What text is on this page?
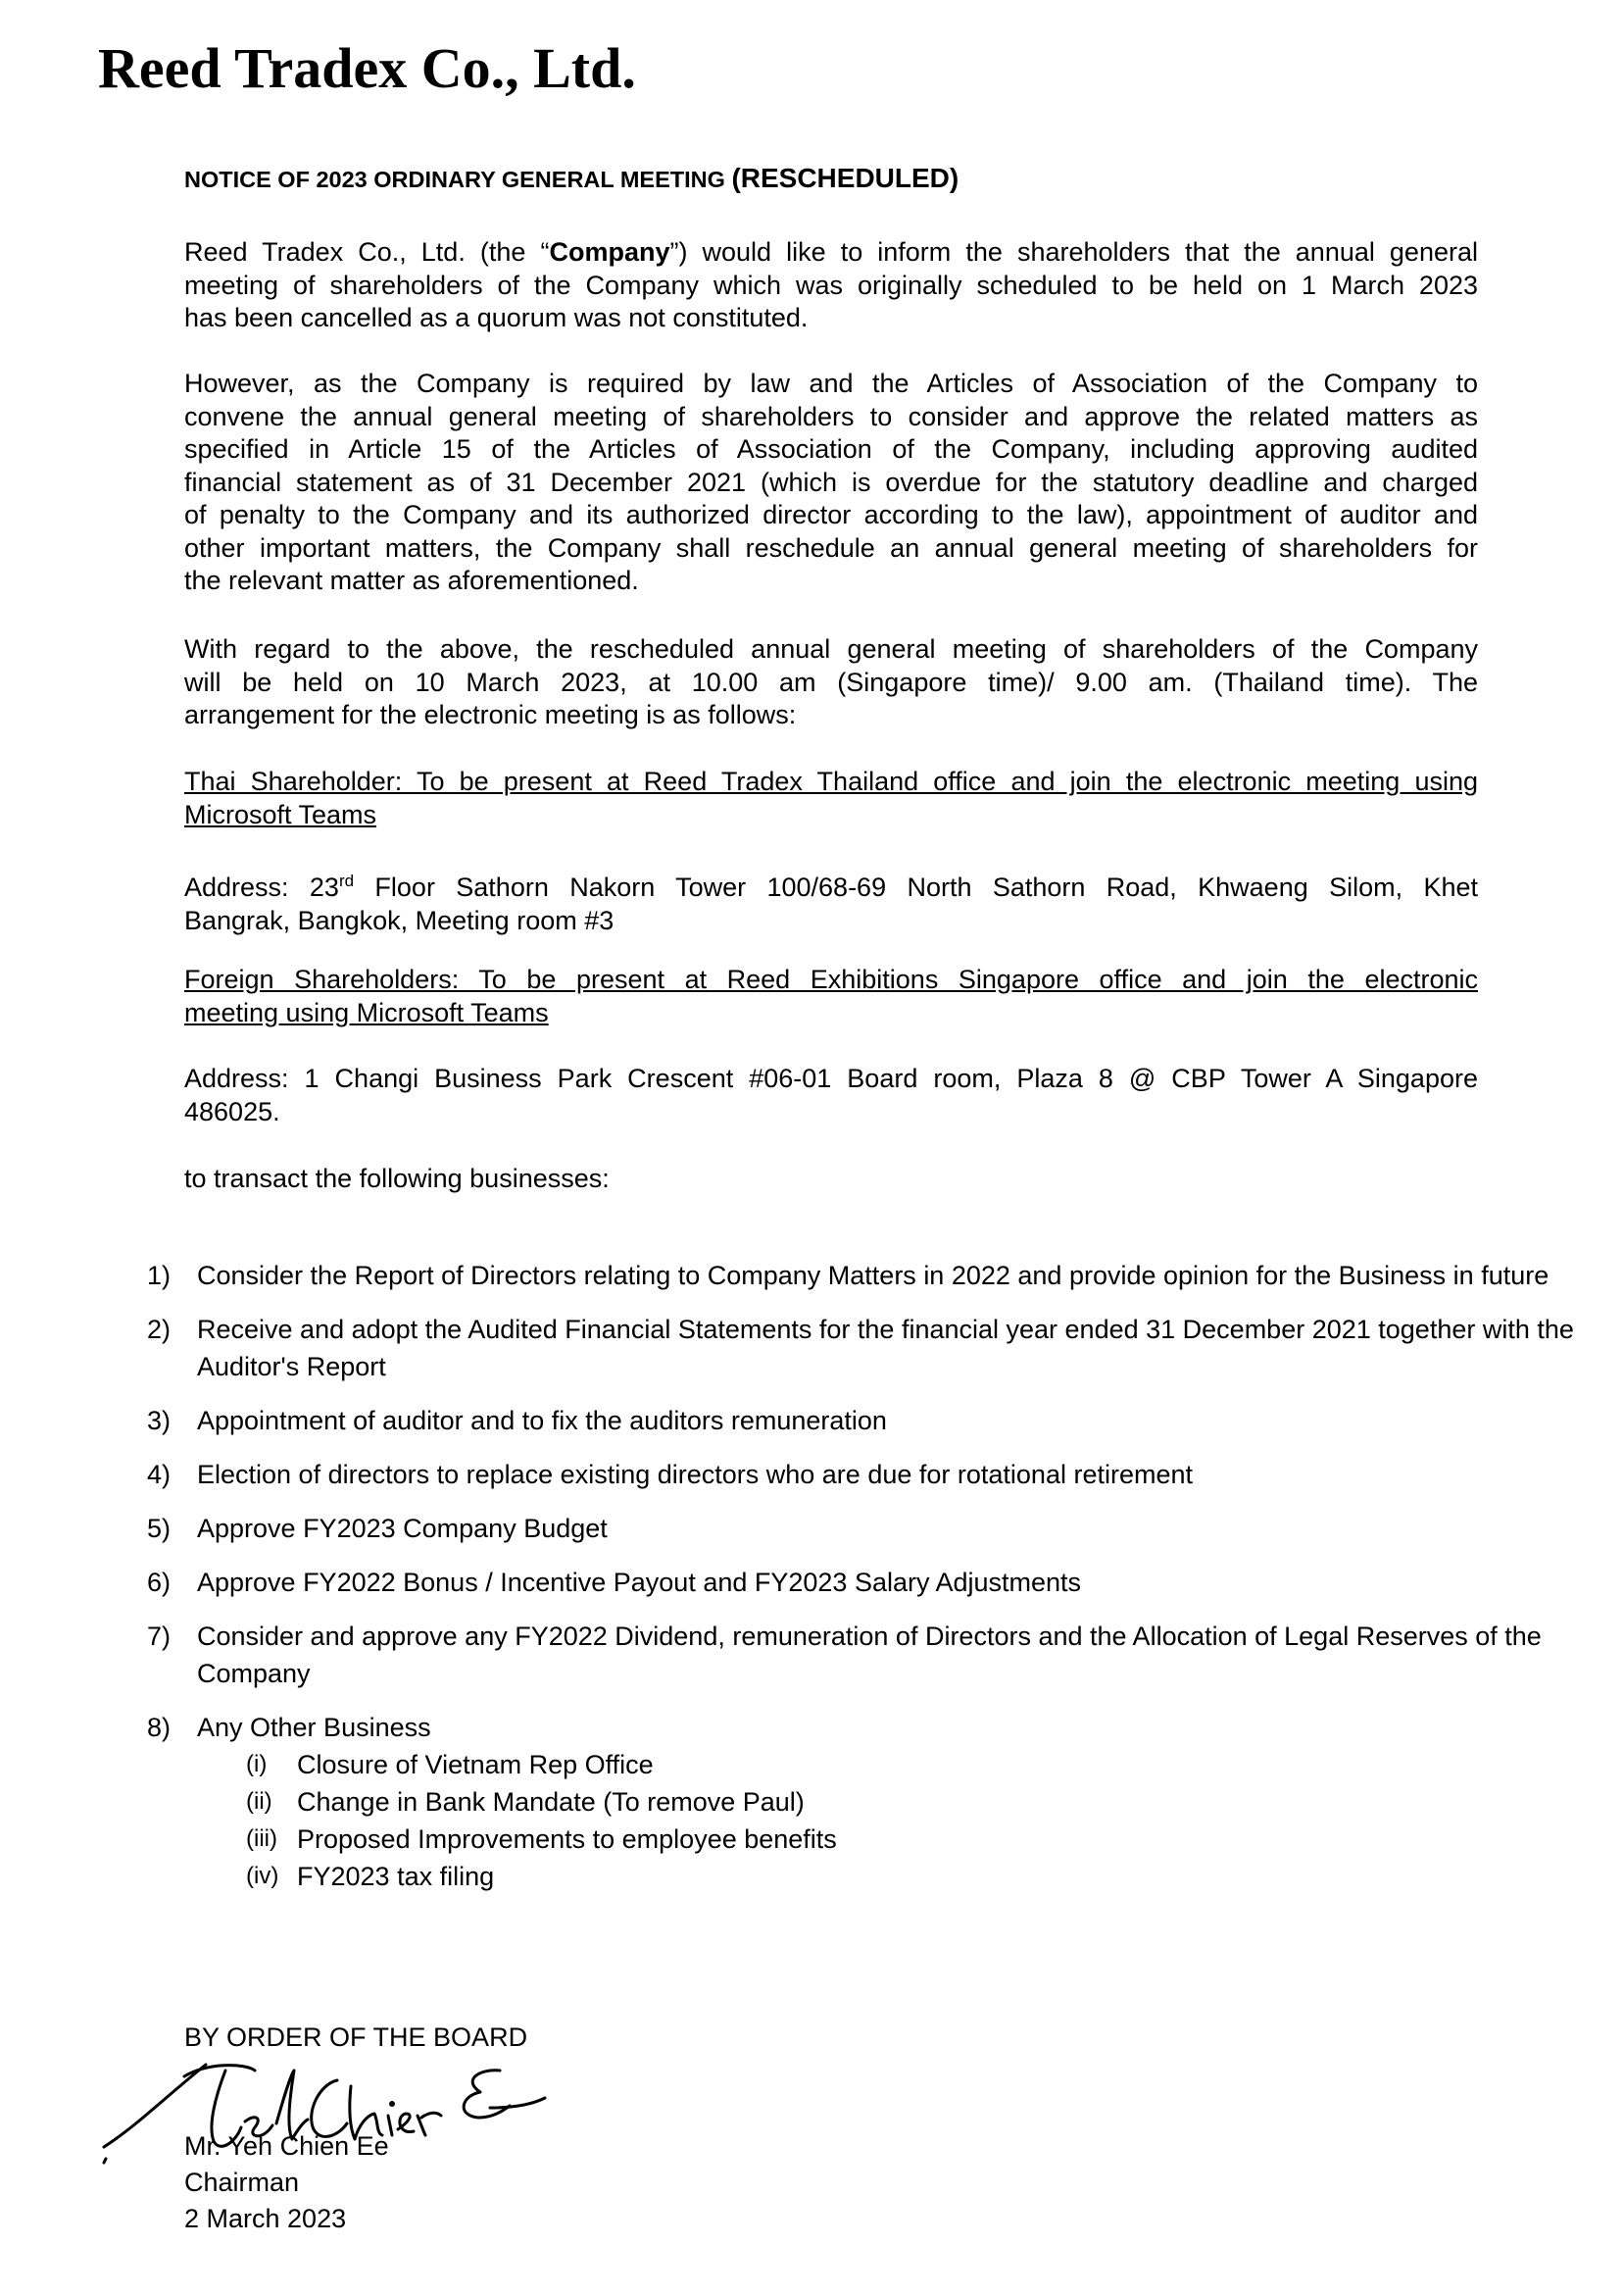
Reed Tradex Co., Ltd.
NOTICE OF 2023 ORDINARY GENERAL MEETING (RESCHEDULED)
Reed Tradex Co., Ltd. (the “Company”) would like to inform the shareholders that the annual general
meeting of shareholders of the Company which was originally scheduled to be held on 1 March 2023
has been cancelled as a quorum was not constituted.
However, as the Company is required by law and the Articles of Association of the Company to
convene the annual general meeting of shareholders to consider and approve the related matters as
specified in Article 15 of the Articles of Association of the Company, including approving audited
financial statement as of 31 December 2021 (which is overdue for the statutory deadline and charged
of penalty to the Company and its authorized director according to the law), appointment of auditor and
other important matters, the Company shall reschedule an annual general meeting of shareholders for
the relevant matter as aforementioned.
With regard to the above, the rescheduled annual general meeting of shareholders of the Company
will be held on 10 March 2023, at 10.00 am (Singapore time)/ 9.00 am. (Thailand time). The
arrangement for the electronic meeting is as follows:
Thai Shareholder: To be present at Reed Tradex Thailand office and join the electronic meeting using
Microsoft Teams
Address: 23rd Floor Sathorn Nakorn Tower 100/68-69 North Sathorn Road, Khwaeng Silom, Khet
Bangrak, Bangkok, Meeting room #3
Foreign Shareholders: To be present at Reed Exhibitions Singapore office and join the electronic
meeting using Microsoft Teams
Address: 1 Changi Business Park Crescent #06-01 Board room, Plaza 8 @ CBP Tower A Singapore
486025.
to transact the following businesses:
1) Consider the Report of Directors relating to Company Matters in 2022 and provide opinion for the Business in future
2) Receive and adopt the Audited Financial Statements for the financial year ended 31 December 2021 together with the Auditor's Report
3) Appointment of auditor and to fix the auditors remuneration
4) Election of directors to replace existing directors who are due for rotational retirement
5) Approve FY2023 Company Budget
6) Approve FY2022 Bonus / Incentive Payout and FY2023 Salary Adjustments
7) Consider and approve any FY2022 Dividend, remuneration of Directors and the Allocation of Legal Reserves of the Company
8) Any Other Business
(i) Closure of Vietnam Rep Office
(ii) Change in Bank Mandate (To remove Paul)
(iii) Proposed Improvements to employee benefits
(iv) FY2023 tax filing
BY ORDER OF THE BOARD
Mr. Yeh Chien Ee
Chairman
2 March 2023
